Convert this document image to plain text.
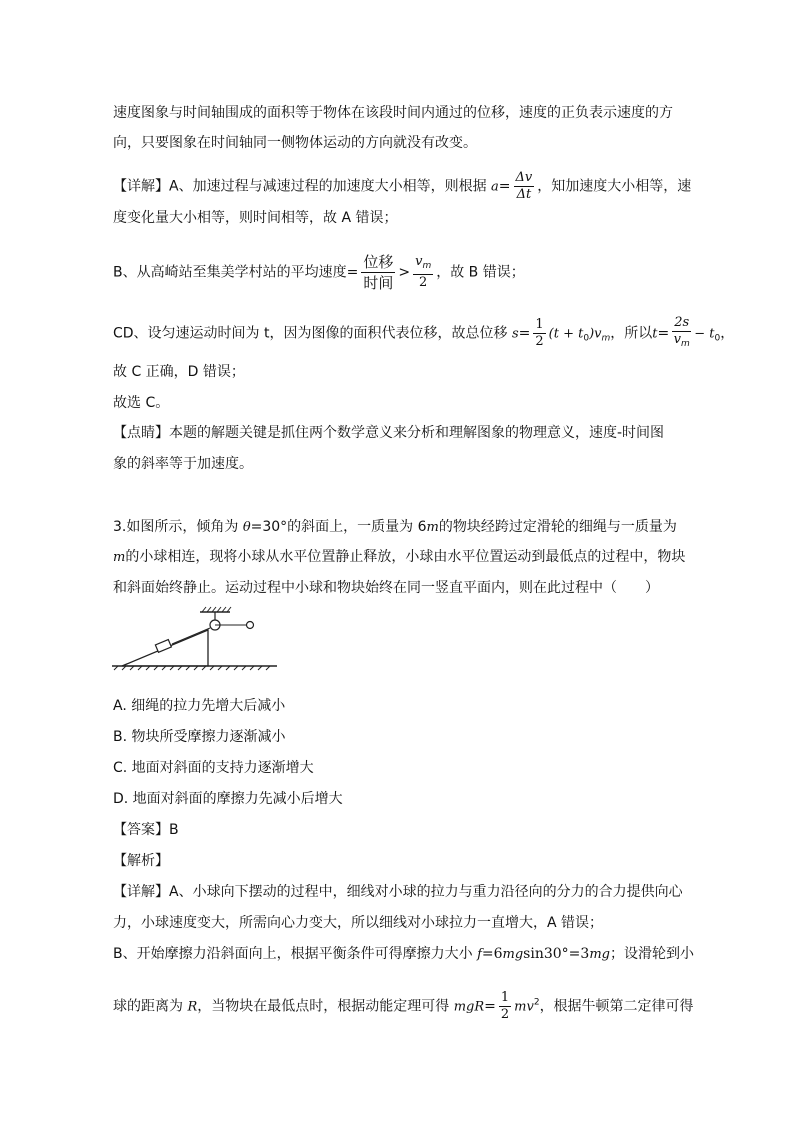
速度图象与时间轴围成的面积等于物体在该段时间内通过的位移，速度的正负表示速度的方
向，只要图象在时间轴同一侧物体运动的方向就没有改变。
【详解】A、加速过程与减速过程的加速度大小相等，则根据 $a= \frac{\Delta v}{\Delta t}$ ，知加速度大小相等，速
度变化量大小相等，则时间相等，故 A 错误；
B、从高崎站至集美学村站的平均速度= $\frac{\text{位移}}{\text{时间}} > \frac{v_m}{2}$ ，故 B 错误；
CD、设匀速运动时间为 t，因为图像的面积代表位移，故总位移 $s= \frac{1}{2} (t + t_0)v_m$，所以$t= \frac{2s}{v_m} - t_0$，
故 C 正确，D 错误；
故选 C。
【点睛】本题的解题关键是抓住两个数学意义来分析和理解图象的物理意义，速度-时间图
象的斜率等于加速度。
3.如图所示，倾角为 θ=30°的斜面上，一质量为 6m的物块经跨过定滑轮的细绳与一质量为
m的小球相连，现将小球从水平位置静止释放，小球由水平位置运动到最低点的过程中，物块
和斜面始终静止。运动过程中小球和物块始终在同一竖直平面内，则在此过程中（　　）
A. 细绳的拉力先增大后减小
B. 物块所受摩擦力逐渐减小
C. 地面对斜面的支持力逐渐增大
D. 地面对斜面的摩擦力先减小后增大
【答案】B
【解析】
【详解】A、小球向下摆动的过程中，细线对小球的拉力与重力沿径向的分力的合力提供向心
力，小球速度变大，所需向心力变大，所以细线对小球拉力一直增大，A 错误；
B、开始摩擦力沿斜面向上，根据平衡条件可得摩擦力大小 f=6mgsin30°=3mg；设滑轮到小
球的距离为 R，当物块在最低点时，根据动能定理可得 $mgR= \frac{1}{2} mv^2$，根据牛顿第二定律可得
